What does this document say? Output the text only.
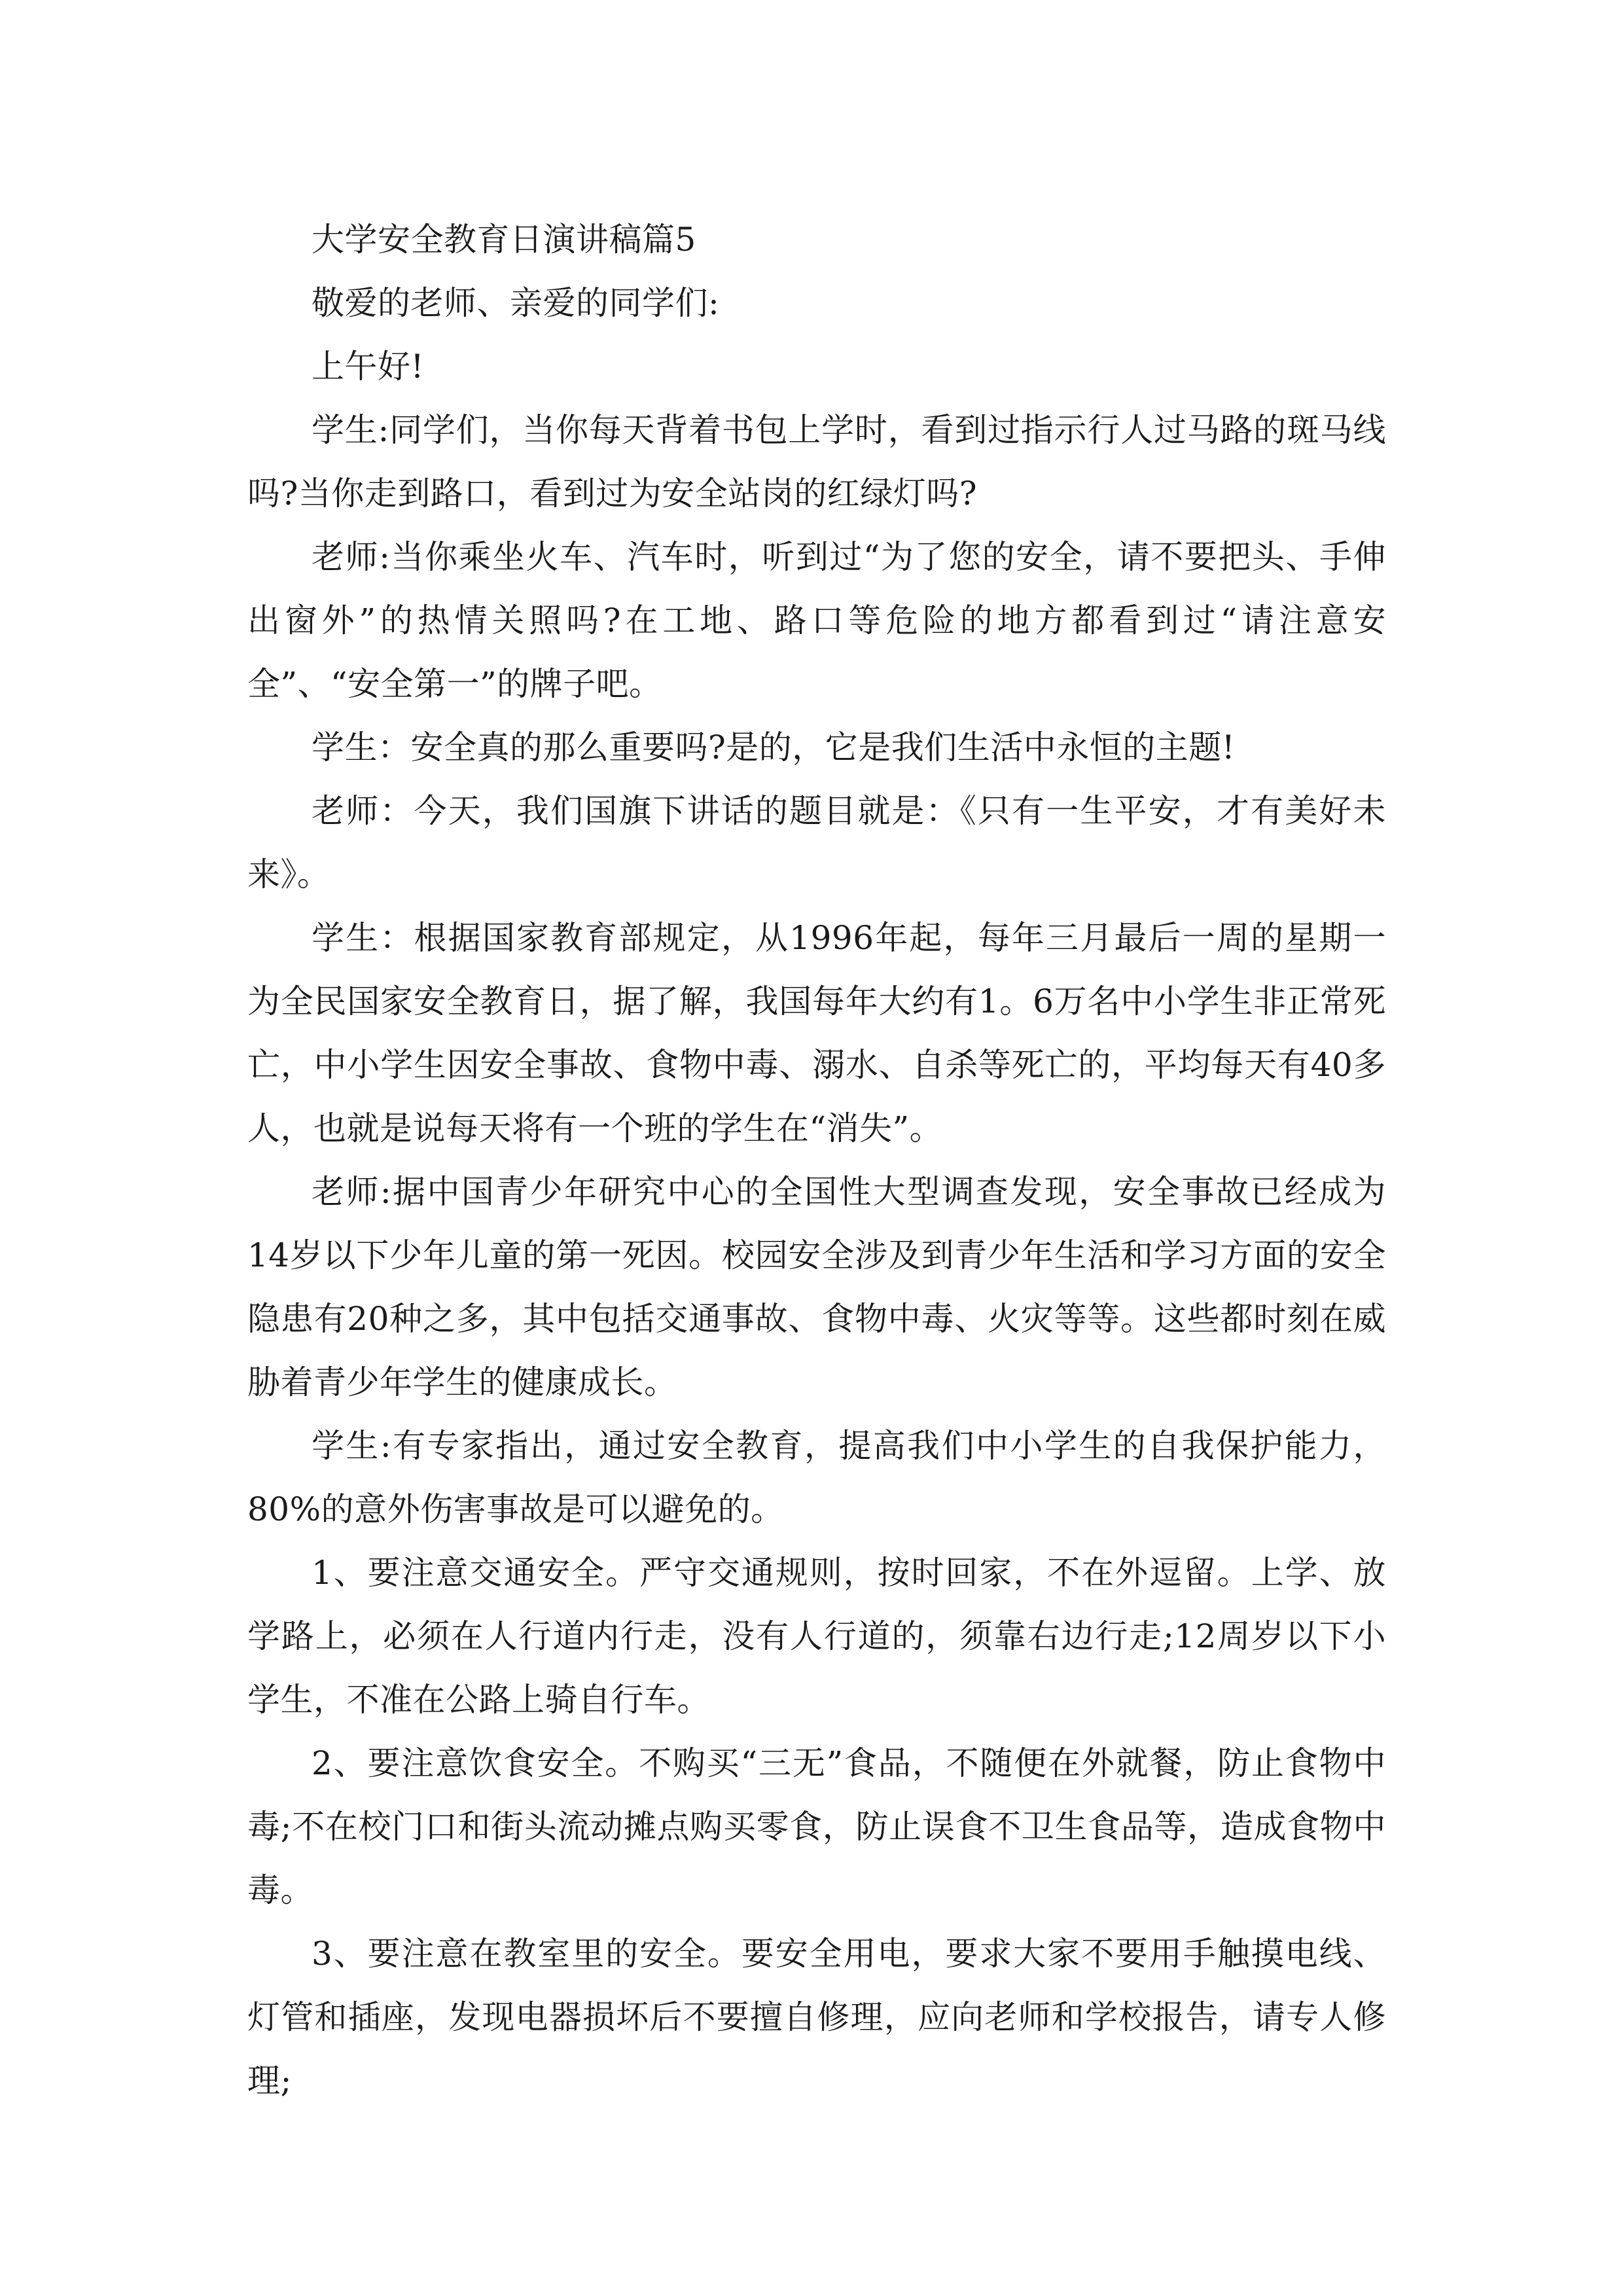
大学安全教育日演讲稿篇5

敬爱的老师、亲爱的同学们:

上午好!

学生:同学们，当你每天背着书包上学时，看到过指示行人过马路的斑马线吗?当你走到路口，看到过为安全站岗的红绿灯吗?

老师:当你乘坐火车、汽车时，听到过“为了您的安全，请不要把头、手伸出窗外”的热情关照吗?在工地、路口等危险的地方都看到过“请注意安全”、“安全第一”的牌子吧。

学生：安全真的那么重要吗?是的，它是我们生活中永恒的主题!

老师：今天，我们国旗下讲话的题目就是：《只有一生平安，才有美好未来》。

学生：根据国家教育部规定，从1996年起，每年三月最后一周的星期一为全民国家安全教育日，据了解，我国每年大约有1。6万名中小学生非正常死亡，中小学生因安全事故、食物中毒、溺水、自杀等死亡的，平均每天有40多人，也就是说每天将有一个班的学生在“消失”。

老师:据中国青少年研究中心的全国性大型调查发现，安全事故已经成为14岁以下少年儿童的第一死因。校园安全涉及到青少年生活和学习方面的安全隐患有20种之多，其中包括交通事故、食物中毒、火灾等等。这些都时刻在威胁着青少年学生的健康成长。

学生:有专家指出，通过安全教育，提高我们中小学生的自我保护能力，80%的意外伤害事故是可以避免的。

1、要注意交通安全。严守交通规则，按时回家，不在外逗留。上学、放学路上，必须在人行道内行走，没有人行道的，须靠右边行走;12周岁以下小学生，不准在公路上骑自行车。

2、要注意饮食安全。不购买“三无”食品，不随便在外就餐，防止食物中毒;不在校门口和街头流动摊点购买零食，防止误食不卫生食品等，造成食物中毒。

3、要注意在教室里的安全。要安全用电，要求大家不要用手触摸电线、灯管和插座，发现电器损坏后不要擅自修理，应向老师和学校报告，请专人修理;
